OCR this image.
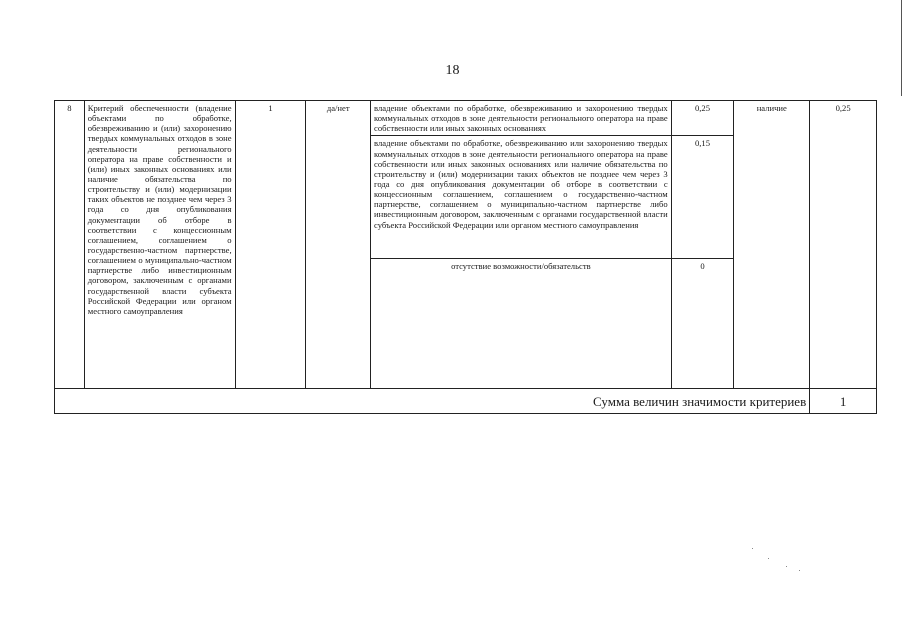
18
8	Критерий обеспеченности (владение объектами по обработке, обезвреживанию и (или) захоронению твердых коммунальных отходов в зоне деятельности регионального оператора на праве собственности и (или) иных законных основаниях или наличие обязательства по строительству и (или) модернизации таких объектов не позднее чем через 3 года со дня опубликования документации об отборе в соответствии с концессионным соглашением, соглашением о государственно-частном партнерстве, соглашением о муниципально-частном партнерстве либо инвестиционным договором, заключенным с органами государственной власти субъекта Российской Федерации или органом местного самоуправления	1	да/нет	владение объектами по обработке, обезвреживанию и захоронению твердых коммунальных отходов в зоне деятельности регионального оператора на праве собственности или иных законных основаниях	0,25	наличие	0,25
				владение объектами по обработке, обезвреживанию или захоронению твердых коммунальных отходов в зоне деятельности регионального оператора на праве собственности или иных законных основаниях или наличие обязательства по строительству и (или) модернизации таких объектов не позднее чем через 3 года со дня опубликования документации об отборе в соответствии с концессионным соглашением, соглашением о государственно-частном партнерстве, соглашением о муниципально-частном партнерстве либо инвестиционным договором, заключенным с органами государственной власти субъекта Российской Федерации или органом местного самоуправления	0,15		
				отсутствие возможности/обязательств	0		
Сумма величин значимости критериев							1
